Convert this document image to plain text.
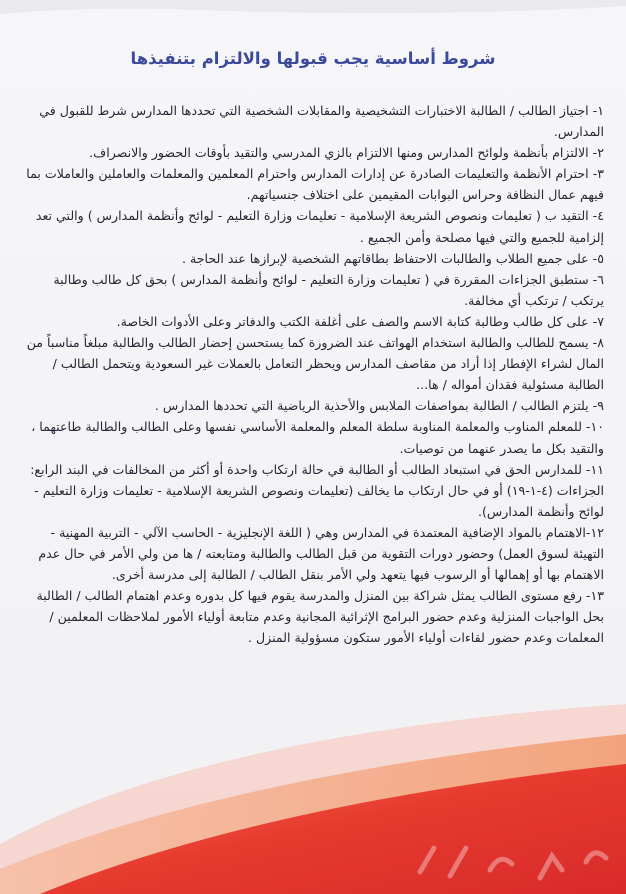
شروط أساسية يجب قبولها والالتزام بتنفيذها
١- اجتياز الطالب / الطالبة الاختبارات التشخيصية والمقابلات الشخصية التي تحددها المدارس شرط للقبول في المدارس.
٢- الالتزام بأنظمة ولوائح المدارس ومنها الالتزام بالزي المدرسي والتقيد بأوقات الحضور والانصراف.
٣- احترام الأنظمة والتعليمات الصادرة عن إدارات المدارس واحترام المعلمين والمعلمات والعاملين والعاملات بما فيهم عمال النظافة وحراس البوابات المقيمين على اختلاف جنسياتهم.
٤- التقيد ب ( تعليمات ونصوص الشريعة الإسلامية - تعليمات وزارة التعليم - لوائح وأنظمة المدارس ) والتي تعد إلزامية للجميع والتي فيها مصلحة وأمن الجميع .
٥- على جميع الطلاب والطالبات الاحتفاظ بطاقاتهم الشخصية لإبرازها عند الحاجة .
٦- ستطبق الجزاءات المقررة في ( تعليمات وزارة التعليم - لوائح وأنظمة المدارس ) بحق كل طالب وطالبة يرتكب / ترتكب أي مخالفة.
٧- على كل طالب وطالبة كتابة الاسم والصف على أغلفة الكتب والدفاتر وعلى الأدوات الخاصة.
٨- يسمح للطالب والطالبة استخدام الهواتف عند الضرورة كما يستحسن إحضار الطالب والطالبة مبلغاً مناسباً من المال لشراء الإفطار إذا أراد من مقاصف المدارس ويحظر التعامل بالعملات غير السعودية ويتحمل الطالب / الطالبة مسئولية فقدان أمواله / ها...
٩- يلتزم الطالب / الطالبة بمواصفات الملابس والأحذية الرياضية التي تحددها المدارس .
١٠- للمعلم المناوب والمعلمة المناوبة سلطة المعلم والمعلمة الأساسي نفسها وعلى الطالب والطالبة طاعتهما ، والتقيد بكل ما يصدر عنهما من توصيات.
١١- للمدارس الحق في استبعاد الطالب أو الطالبة في حالة ارتكاب واحدة أو أكثر من المخالفات في البند الرابع: الجزاءات (٤-١-١٩) أو في حال ارتكاب ما يخالف (تعليمات ونصوص الشريعة الإسلامية - تعليمات وزارة التعليم - لوائح وأنظمة المدارس).
١٢-الاهتمام بالمواد الإضافية المعتمدة في المدارس وهي ( اللغة الإنجليزية - الحاسب الآلي - التربية المهنية - التهيئة لسوق العمل) وحضور دورات التقوية من قبل الطالب والطالبة ومتابعته / ها من ولي الأمر في حال عدم الاهتمام بها أو إهمالها أو الرسوب فيها يتعهد ولي الأمر بنقل الطالب / الطالبة إلى مدرسة أخرى.
١٣- رفع مستوى الطالب يمثل شراكة بين المنزل والمدرسة يقوم فيها كل بدوره وعدم اهتمام الطالب / الطالبة بحل الواجبات المنزلية وعدم حضور البرامج الإثرائية المجانية وعدم متابعة أولياء الأمور لملاحظات المعلمين / المعلمات وعدم حضور لقاءات أولياء الأمور ستكون مسؤولية المنزل .
